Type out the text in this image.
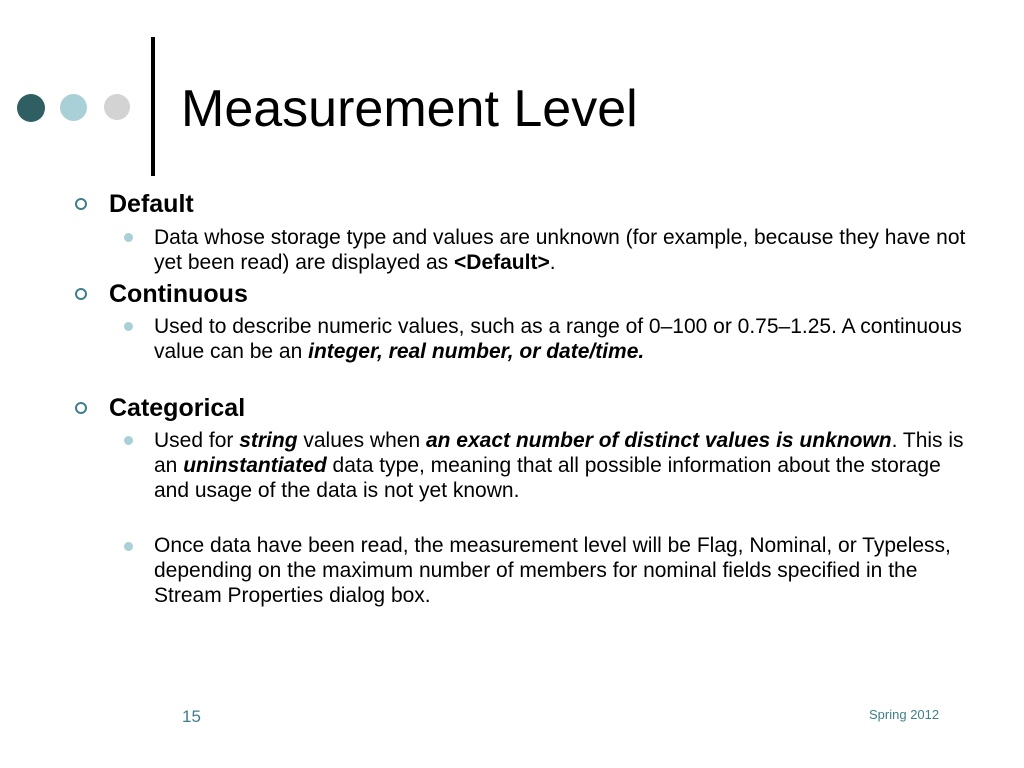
Measurement Level
Default
Data whose storage type and values are unknown (for example, because they have not yet been read) are displayed as <Default>.
Continuous
Used to describe numeric values, such as a range of 0–100 or 0.75–1.25. A continuous value can be an integer, real number, or date/time.
Categorical
Used for string values when an exact number of distinct values is unknown. This is an uninstantiated data type, meaning that all possible information about the storage and usage of the data is not yet known.
Once data have been read, the measurement level will be Flag, Nominal, or Typeless, depending on the maximum number of members for nominal fields specified in the Stream Properties dialog box.
15	Spring 2012
